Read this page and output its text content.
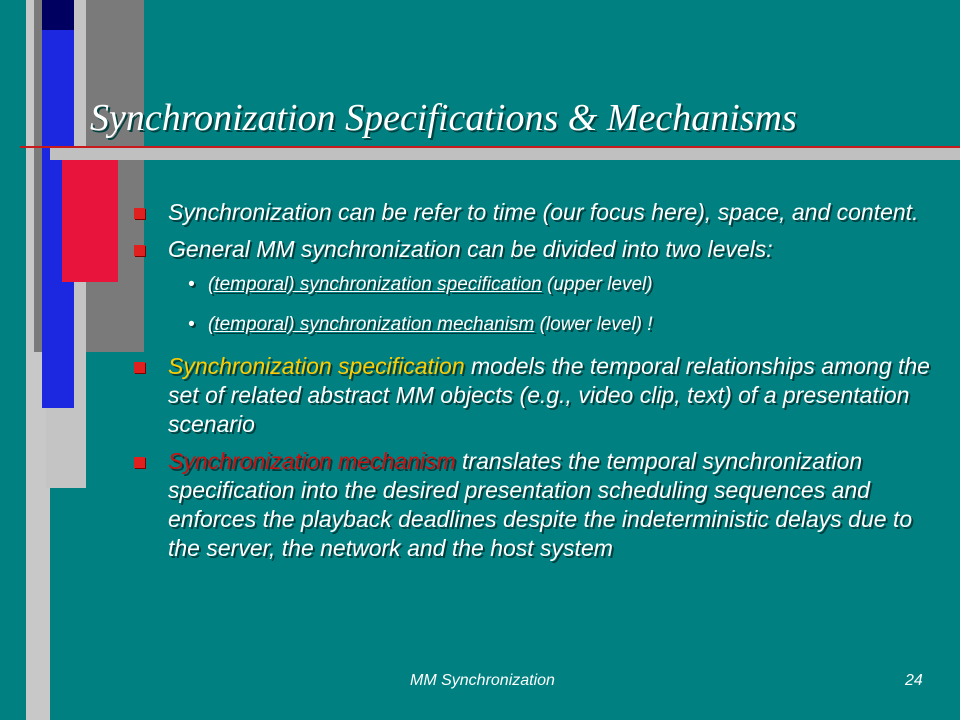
Synchronization Specifications & Mechanisms
Synchronization can be refer to time (our focus here), space, and content.
General MM synchronization can be divided into two levels:
• (temporal) synchronization specification (upper level)
• (temporal) synchronization mechanism (lower level) !
Synchronization specification models the temporal relationships among the set of related abstract MM objects (e.g., video clip, text) of a presentation scenario
Synchronization mechanism translates the temporal synchronization specification into the desired presentation scheduling sequences and enforces the playback deadlines despite the indeterministic delays due to the server, the network and the host system
MM Synchronization	24
